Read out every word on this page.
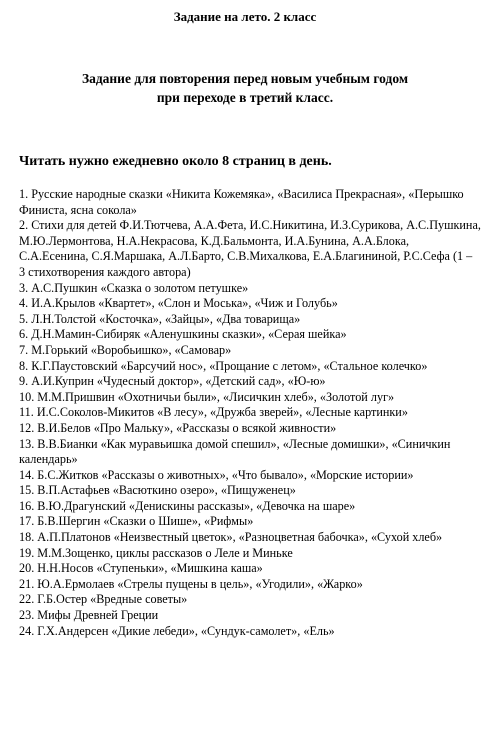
Задание на лето. 2 класс
Задание для повторения перед новым учебным годом
при переходе в третий класс.
Читать нужно ежедневно около 8 страниц в день.
1. Русские народные сказки «Никита Кожемяка», «Василиса Прекрасная», «Перышко Финиста, ясна сокола»
2. Стихи для детей Ф.И.Тютчева, А.А.Фета, И.С.Никитина, И.З.Сурикова, А.С.Пушкина, М.Ю.Лермонтова, Н.А.Некрасова, К.Д.Бальмонта, И.А.Бунина, А.А.Блока, С.А.Есенина, С.Я.Маршака, А.Л.Барто, С.В.Михалкова, Е.А.Благининой, Р.С.Сефа (1 – 3 стихотворения каждого автора)
3. А.С.Пушкин «Сказка о золотом петушке»
4. И.А.Крылов «Квартет», «Слон и Моська», «Чиж и Голубь»
5. Л.Н.Толстой «Косточка», «Зайцы», «Два товарища»
6. Д.Н.Мамин-Сибиряк «Аленушкины сказки», «Серая шейка»
7. М.Горький «Воробьишко», «Самовар»
8. К.Г.Паустовский «Барсучий нос», «Прощание с летом», «Стальное колечко»
9. А.И.Куприн «Чудесный доктор», «Детский сад», «Ю-ю»
10. М.М.Пришвин «Охотничьи были», «Лисичкин хлеб», «Золотой луг»
11. И.С.Соколов-Микитов «В лесу», «Дружба зверей», «Лесные картинки»
12. В.И.Белов «Про Мальку», «Рассказы о всякой живности»
13. В.В.Бианки «Как муравьишка домой спешил», «Лесные домишки», «Синичкин календарь»
14. Б.С.Житков «Рассказы о животных», «Что бывало», «Морские истории»
15. В.П.Астафьев «Васюткино озеро», «Пищуженец»
16. В.Ю.Драгунский «Денискины рассказы», «Девочка на шаре»
17. Б.В.Шергин «Сказки о Шише», «Рифмы»
18. А.П.Платонов «Неизвестный цветок», «Разноцветная бабочка», «Сухой хлеб»
19. М.М.Зощенко, циклы рассказов о Леле и Миньке
20. Н.Н.Носов «Ступеньки», «Мишкина каша»
21. Ю.А.Ермолаев «Стрелы пущены в цель», «Угодили», «Жарко»
22. Г.Б.Остер «Вредные советы»
23. Мифы Древней Греции
24. Г.Х.Андерсен «Дикие лебеди», «Сундук-самолет», «Ель»
